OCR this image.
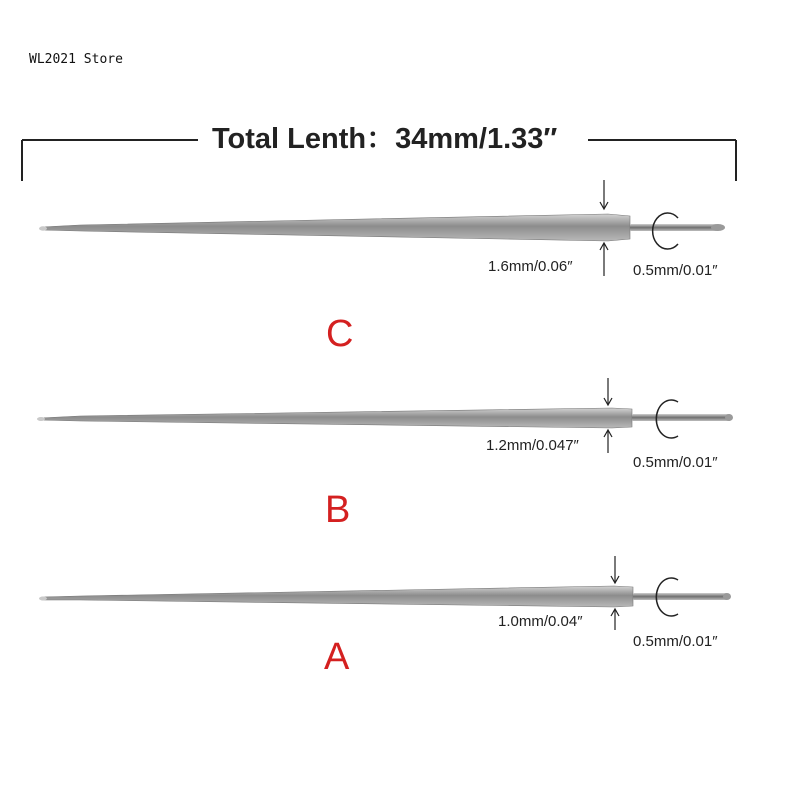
WL2021 Store
Total Lenth：34mm/1.33″
1.6mm/0.06″	0.5mm/0.01″
C
1.2mm/0.047″
0.5mm/0.01″
B
1.0mm/0.04″
0.5mm/0.01″
A
